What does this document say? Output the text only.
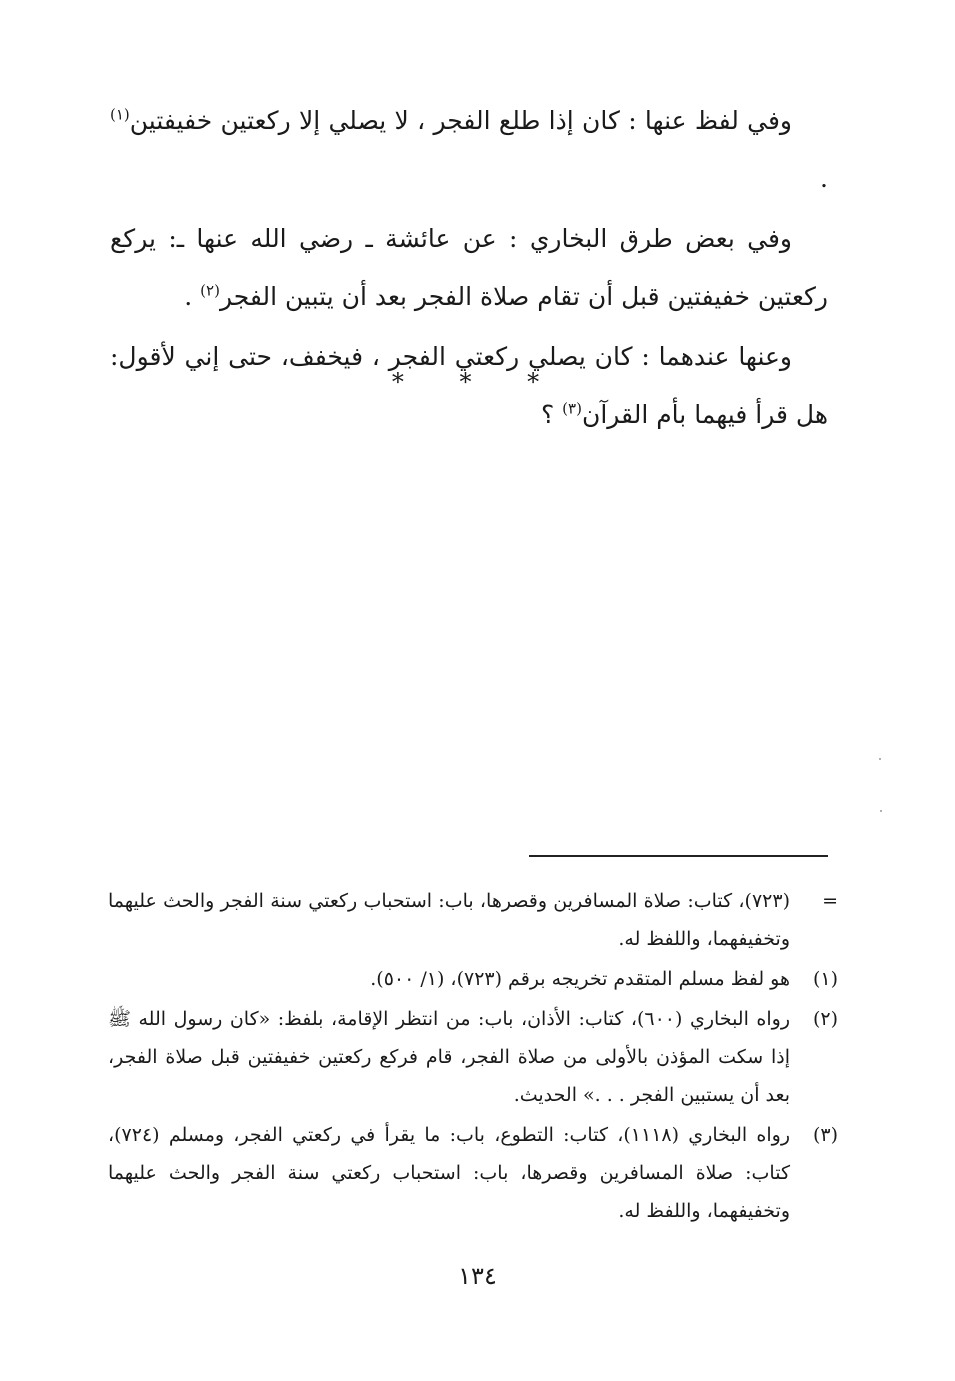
وفي لفظ عنها : كان إذا طلع الفجر ، لا يصلي إلا ركعتين خفيفتين$^{(١)}$ .

وفي بعض طرق البخاري : عن عائشة ـ رضي الله عنها ـ: يركع ركعتين خفيفتين قبل أن تقام صلاة الفجر بعد أن يتبين الفجر$^{(٢)}$ .

وعنها عندهما : كان يصلي ركعتي الفجر ، فيخفف، حتى إني لأقول: هل قرأ فيهما بأم القرآن$^{(٣)}$ ؟

* * *
=
(٧٢٣)، كتاب: صلاة المسافرين وقصرها، باب: استحباب ركعتي سنة الفجر والحث عليهما وتخفيفهما، واللفظ له.
(١)
هو لفظ مسلم المتقدم تخريجه برقم (٧٢٣)، (١/ ٥٠٠).
(٢)
رواه البخاري (٦٠٠)، كتاب: الأذان، باب: من انتظر الإقامة، بلفظ: «كان رسول الله ﷺ إذا سكت المؤذن بالأولى من صلاة الفجر، قام فركع ركعتين خفيفتين قبل صلاة الفجر، بعد أن يستبين الفجر . . .» الحديث.
(٣)
رواه البخاري (١١١٨)، كتاب: التطوع، باب: ما يقرأ في ركعتي الفجر، ومسلم (٧٢٤)، كتاب: صلاة المسافرين وقصرها، باب: استحباب ركعتي سنة الفجر والحث عليهما وتخفيفهما، واللفظ له.
١٣٤
